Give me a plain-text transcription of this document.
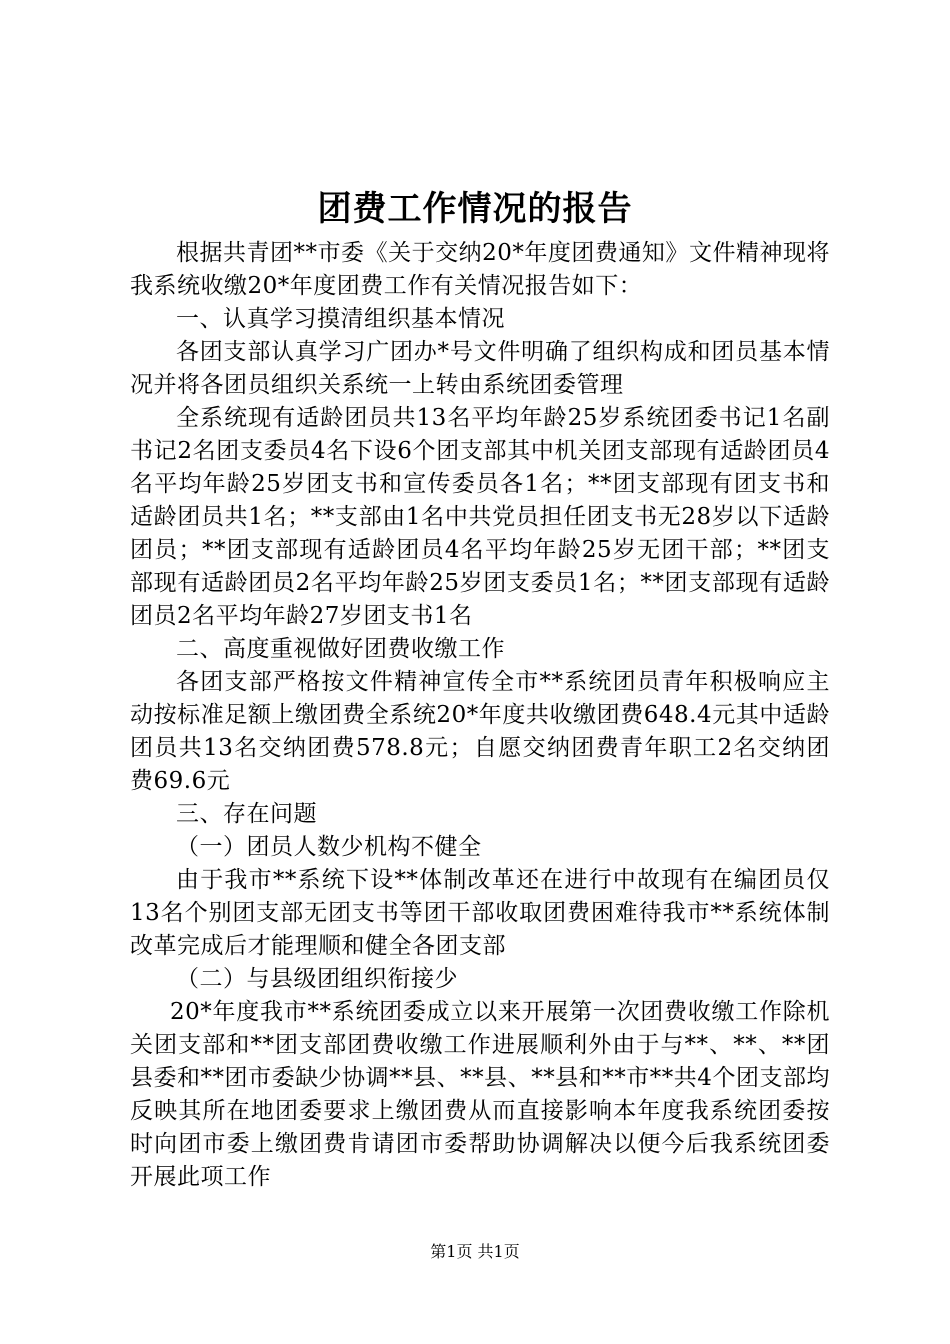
团费工作情况的报告

根据共青团**市委《关于交纳20*年度团费通知》文件精神现将我系统收缴20*年度团费工作有关情况报告如下：

一、认真学习摸清组织基本情况

各团支部认真学习广团办*号文件明确了组织构成和团员基本情况并将各团员组织关系统一上转由系统团委管理

全系统现有适龄团员共13名平均年龄25岁系统团委书记1名副书记2名团支委员4名下设6个团支部其中机关团支部现有适龄团员4名平均年龄25岁团支书和宣传委员各1名；**团支部现有团支书和适龄团员共1名；**支部由1名中共党员担任团支书无28岁以下适龄团员；**团支部现有适龄团员4名平均年龄25岁无团干部；**团支部现有适龄团员2名平均年龄25岁团支委员1名；**团支部现有适龄团员2名平均年龄27岁团支书1名

二、高度重视做好团费收缴工作

各团支部严格按文件精神宣传全市**系统团员青年积极响应主动按标准足额上缴团费全系统20*年度共收缴团费648.4元其中适龄团员共13名交纳团费578.8元；自愿交纳团费青年职工2名交纳团费69.6元

三、存在问题

（一）团员人数少机构不健全

由于我市**系统下设**体制改革还在进行中故现有在编团员仅13名个别团支部无团支书等团干部收取团费困难待我市**系统体制改革完成后才能理顺和健全各团支部

（二）与县级团组织衔接少

20*年度我市**系统团委成立以来开展第一次团费收缴工作除机关团支部和**团支部团费收缴工作进展顺利外由于与**、**、**团县委和**团市委缺少协调**县、**县、**县和**市**共4个团支部均反映其所在地团委要求上缴团费从而直接影响本年度我系统团委按时向团市委上缴团费肯请团市委帮助协调解决以便今后我系统团委开展此项工作

第1页 共1页
